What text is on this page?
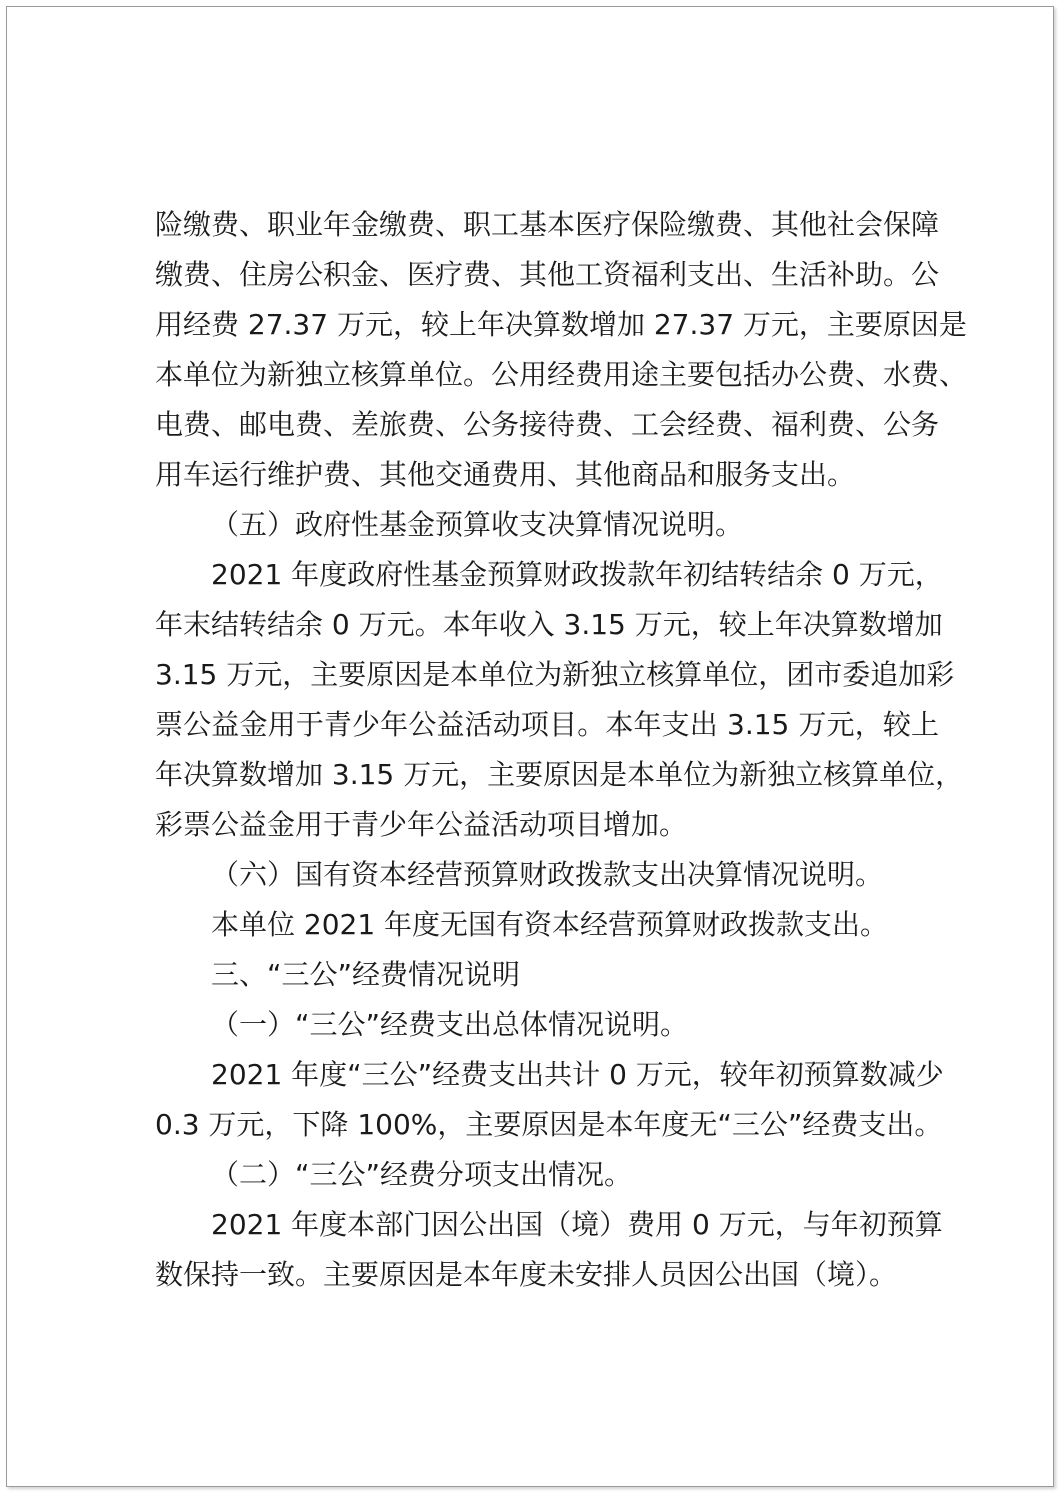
险缴费、职业年金缴费、职工基本医疗保险缴费、其他社会保障
缴费、住房公积金、医疗费、其他工资福利支出、生活补助。公
用经费 27.37 万元，较上年决算数增加 27.37 万元，主要原因是
本单位为新独立核算单位。公用经费用途主要包括办公费、水费、
电费、邮电费、差旅费、公务接待费、工会经费、福利费、公务
用车运行维护费、其他交通费用、其他商品和服务支出。
（五）政府性基金预算收支决算情况说明。
2021 年度政府性基金预算财政拨款年初结转结余 0 万元，
年末结转结余 0 万元。本年收入 3.15 万元，较上年决算数增加
3.15 万元，主要原因是本单位为新独立核算单位，团市委追加彩
票公益金用于青少年公益活动项目。本年支出 3.15 万元，较上
年决算数增加 3.15 万元，主要原因是本单位为新独立核算单位，
彩票公益金用于青少年公益活动项目增加。
（六）国有资本经营预算财政拨款支出决算情况说明。
本单位 2021 年度无国有资本经营预算财政拨款支出。
三、“三公”经费情况说明
（一）“三公”经费支出总体情况说明。
2021 年度“三公”经费支出共计 0 万元，较年初预算数减少
0.3 万元，下降 100%，主要原因是本年度无“三公”经费支出。
（二）“三公”经费分项支出情况。
2021 年度本部门因公出国（境）费用 0 万元，与年初预算
数保持一致。主要原因是本年度未安排人员因公出国（境）。
